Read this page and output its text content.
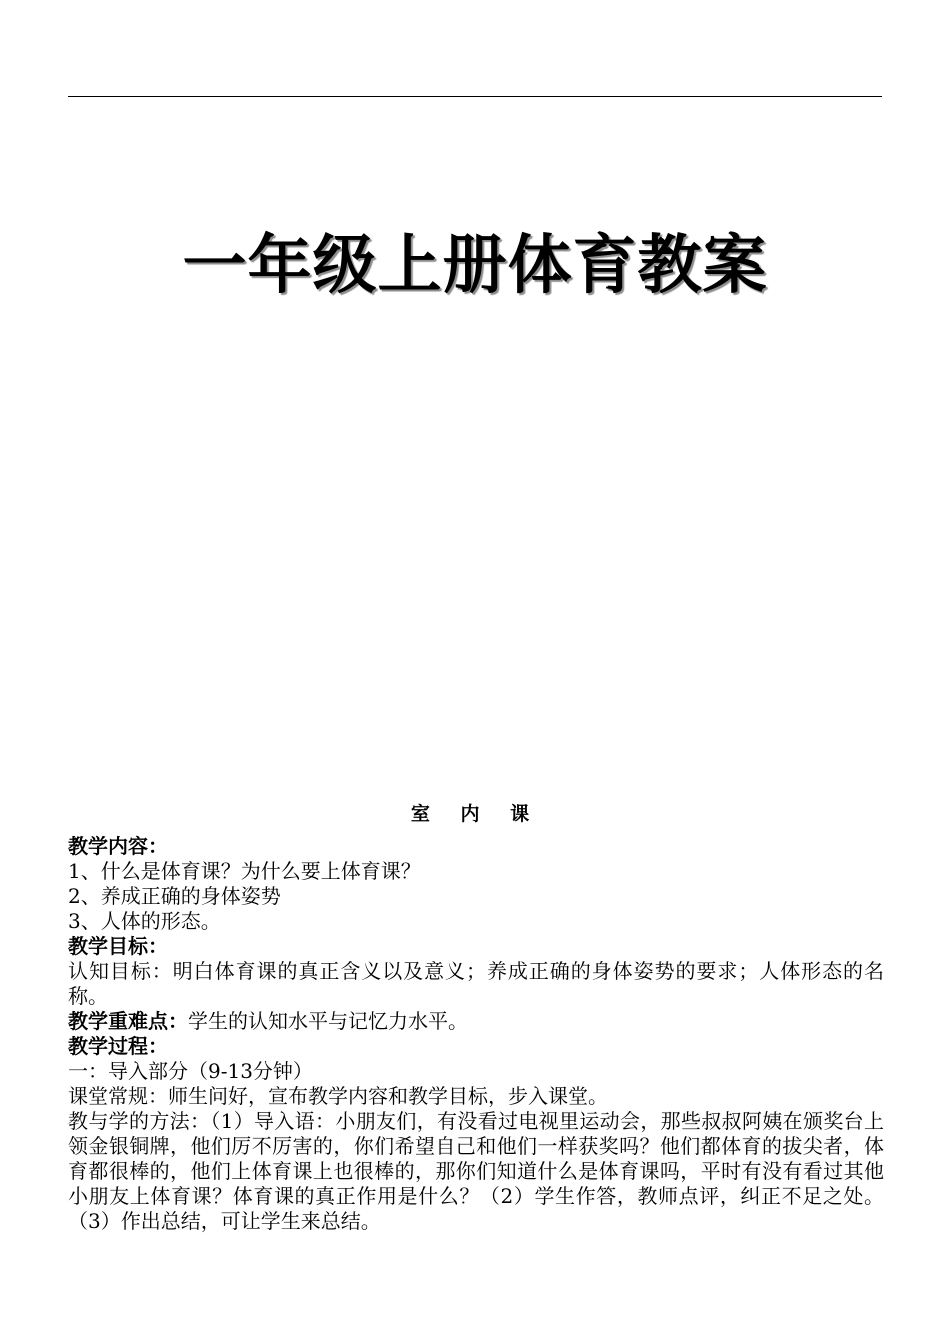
一年级上册体育教案

室 内 课

教学内容：

1、什么是体育课？为什么要上体育课？

2、养成正确的身体姿势

3、人体的形态。

教学目标：

认知目标：明白体育课的真正含义以及意义；养成正确的身体姿势的要求；人体形态的名称。

教学重难点：学生的认知水平与记忆力水平。

教学过程：

一：导入部分（9-13分钟）

课堂常规：师生问好，宣布教学内容和教学目标，步入课堂。

教与学的方法：（1）导入语：小朋友们，有没看过电视里运动会，那些叔叔阿姨在颁奖台上领金银铜牌，他们厉不厉害的，你们希望自己和他们一样获奖吗？他们都体育的拔尖者，体育都很棒的，他们上体育课上也很棒的，那你们知道什么是体育课吗，平时有没有看过其他小朋友上体育课？体育课的真正作用是什么？（2）学生作答，教师点评，纠正不足之处。（3）作出总结，可让学生来总结。
